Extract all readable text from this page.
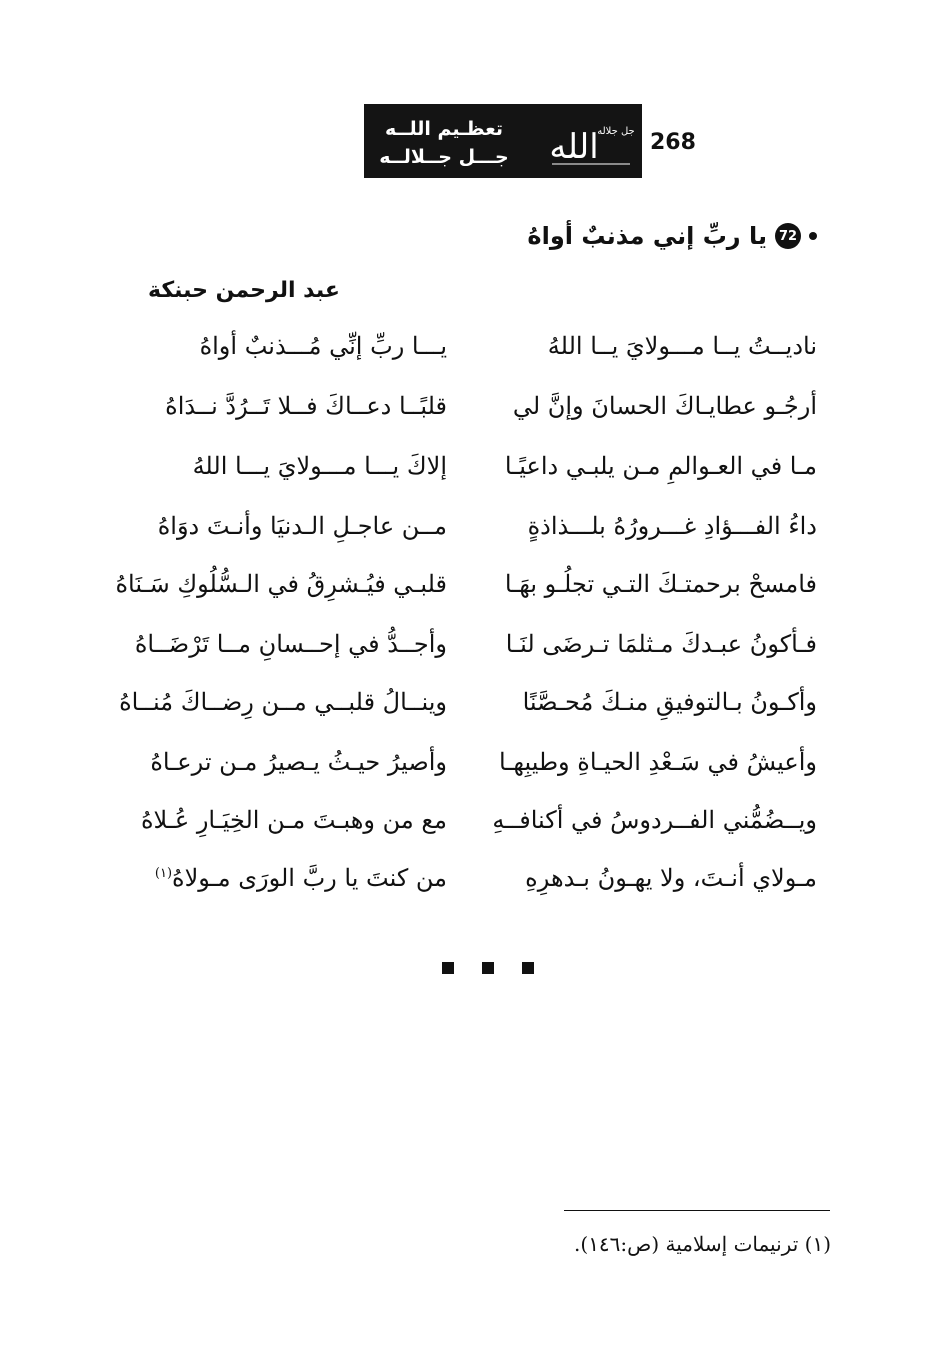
تعظـيم اللــه
جـــل جــلالــه	الله
جل جلاله 268
72
يا ربِّ إني مذنبٌ أواهُ
عبد الرحمن حبنكة
ناديــتُ يــا مـــولايَ يــا اللهُ
يـــا ربِّ إنِّي مُـــذنبٌ أواهُ
أرجُـو عطايـاكَ الحسانَ وإنَّ لي
قلبًــا دعــاكَ فــلا تَــرُدَّ نــدَاهُ
مـا في العـوالمِ مـن يلبـي داعيًـا
إلاكَ يـــا مـــولايَ يـــا اللهُ
داءُ الفـــؤادِ غـــرورُهُ بلـــذاذةٍ
مــن عاجـلِ الـدنيَا وأنـتَ دوَاهُ
فامسحْ برحمتـكَ التـي تجلُـو بهَـا
قلبـي فيُـشرِقُ في الـسُّلُوكِ سَـنَاهُ
فـأكونُ عبـدكَ مـثلمَا تـرضَى لنَـا
وأجــدُّ في إحــسانِ مــا تَرْضَــاهُ
وأكـونُ بـالتوفيقِ منـكَ مُحـصَّنًا
وينــالُ قلبــي مــن رِضــاكَ مُنــاهُ
وأعيشُ في سَـعْدِ الحيـاةِ وطيبِهـا
وأصيرُ حيـثُ يـصيرُ مـن ترعـاهُ
ويــضُمُّني الفــردوسُ في أكنافــهِ
مع من وهبـتَ مـن الخِيَـارِ عُـلاهُ
مـولاي أنـتَ، ولا يهـونُ بـدهرِهِ
من كنتَ يا ربَّ الورَى مـولاهُ$^{(١)}$
(١) ترنيمات إسلامية (ص:١٤٦).
